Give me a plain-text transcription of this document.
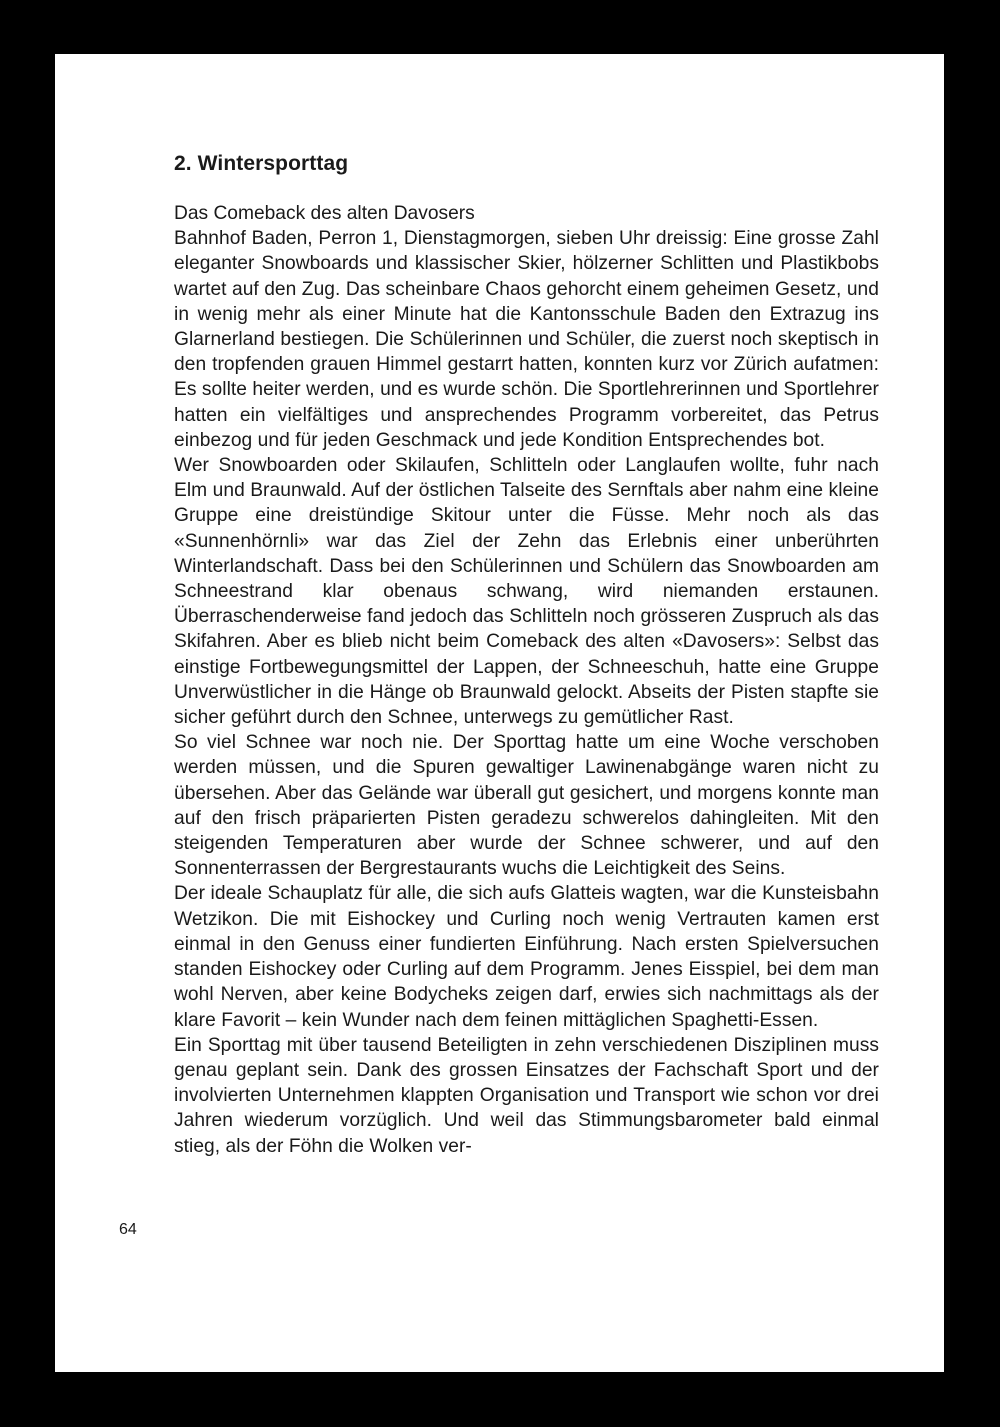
2. Wintersporttag

Das Comeback des alten Davosers

Bahnhof Baden, Perron 1, Dienstagmorgen, sieben Uhr dreissig: Eine grosse Zahl eleganter Snowboards und klassischer Skier, hölzerner Schlitten und Plastikbobs wartet auf den Zug. Das scheinbare Chaos gehorcht einem geheimen Gesetz, und in wenig mehr als einer Minute hat die Kantonsschule Baden den Extrazug ins Glarnerland bestiegen. Die Schülerinnen und Schüler, die zuerst noch skeptisch in den tropfenden grauen Himmel gestarrt hatten, konnten kurz vor Zürich aufatmen: Es sollte heiter werden, und es wurde schön. Die Sportlehrerinnen und Sportlehrer hatten ein vielfältiges und ansprechendes Programm vorbereitet, das Petrus einbezog und für jeden Geschmack und jede Kondition Entsprechendes bot.

Wer Snowboarden oder Skilaufen, Schlitteln oder Langlaufen wollte, fuhr nach Elm und Braunwald. Auf der östlichen Talseite des Sernftals aber nahm eine kleine Gruppe eine dreistündige Skitour unter die Füsse. Mehr noch als das «Sunnenhörnli» war das Ziel der Zehn das Erlebnis einer unberührten Winterlandschaft. Dass bei den Schülerinnen und Schülern das Snowboarden am Schneestrand klar obenaus schwang, wird niemanden erstaunen. Überraschenderweise fand jedoch das Schlitteln noch grösseren Zuspruch als das Skifahren. Aber es blieb nicht beim Comeback des alten «Davosers»: Selbst das einstige Fortbewegungsmittel der Lappen, der Schneeschuh, hatte eine Gruppe Unverwüstlicher in die Hänge ob Braunwald gelockt. Abseits der Pisten stapfte sie sicher geführt durch den Schnee, unterwegs zu gemütlicher Rast.

So viel Schnee war noch nie. Der Sporttag hatte um eine Woche verschoben werden müssen, und die Spuren gewaltiger Lawinenabgänge waren nicht zu übersehen. Aber das Gelände war überall gut gesichert, und morgens konnte man auf den frisch präparierten Pisten geradezu schwerelos dahingleiten. Mit den steigenden Temperaturen aber wurde der Schnee schwerer, und auf den Sonnenterrassen der Bergrestaurants wuchs die Leichtigkeit des Seins.

Der ideale Schauplatz für alle, die sich aufs Glatteis wagten, war die Kunsteisbahn Wetzikon. Die mit Eishockey und Curling noch wenig Vertrauten kamen erst einmal in den Genuss einer fundierten Einführung. Nach ersten Spielversuchen standen Eishockey oder Curling auf dem Programm. Jenes Eisspiel, bei dem man wohl Nerven, aber keine Bodycheks zeigen darf, erwies sich nachmittags als der klare Favorit – kein Wunder nach dem feinen mittäglichen Spaghetti-Essen.

Ein Sporttag mit über tausend Beteiligten in zehn verschiedenen Disziplinen muss genau geplant sein. Dank des grossen Einsatzes der Fachschaft Sport und der involvierten Unternehmen klappten Organisation und Transport wie schon vor drei Jahren wiederum vorzüglich. Und weil das Stimmungsbarometer bald einmal stieg, als der Föhn die Wolken ver-

64
